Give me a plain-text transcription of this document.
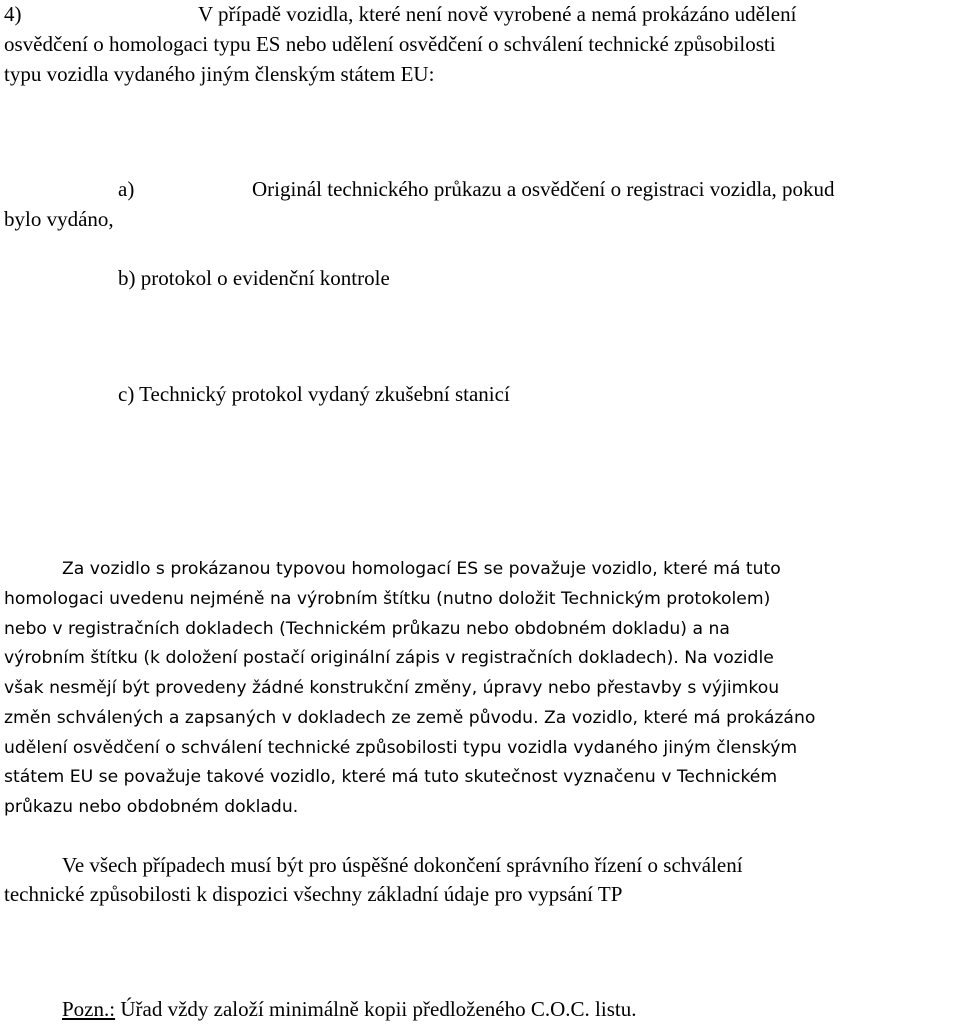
4)	V případě vozidla, které není nově vyrobené a nemá prokázáno udělení
osvědčení o homologaci typu ES nebo udělení osvědčení o schválení technické způsobilosti
typu vozidla vydaného jiným členským státem EU:
a)	Originál technického průkazu a osvědčení o registraci vozidla, pokud
bylo vydáno,
b) protokol o evidenční kontrole
c) Technický protokol vydaný zkušební stanicí
Za vozidlo s prokázanou typovou homologací ES se považuje vozidlo, které má tuto
homologaci uvedenu nejméně na výrobním štítku (nutno doložit Technickým protokolem)
nebo v registračních dokladech (Technickém průkazu nebo obdobném dokladu) a na
výrobním štítku (k doložení postačí originální zápis v registračních dokladech). Na vozidle
však nesmějí být provedeny žádné konstrukční změny, úpravy nebo přestavby s výjimkou
změn schválených a zapsaných v dokladech ze země původu. Za vozidlo, které má prokázáno
udělení osvědčení o schválení technické způsobilosti typu vozidla vydaného jiným členským
státem EU se považuje takové vozidlo, které má tuto skutečnost vyznačenu v Technickém
průkazu nebo obdobném dokladu.
Ve všech případech musí být pro úspěšné dokončení správního řízení o schválení
technické způsobilosti k dispozici všechny základní údaje pro vypsání TP
Pozn.: Úřad vždy založí minimálně kopii předloženého C.O.C. listu.
